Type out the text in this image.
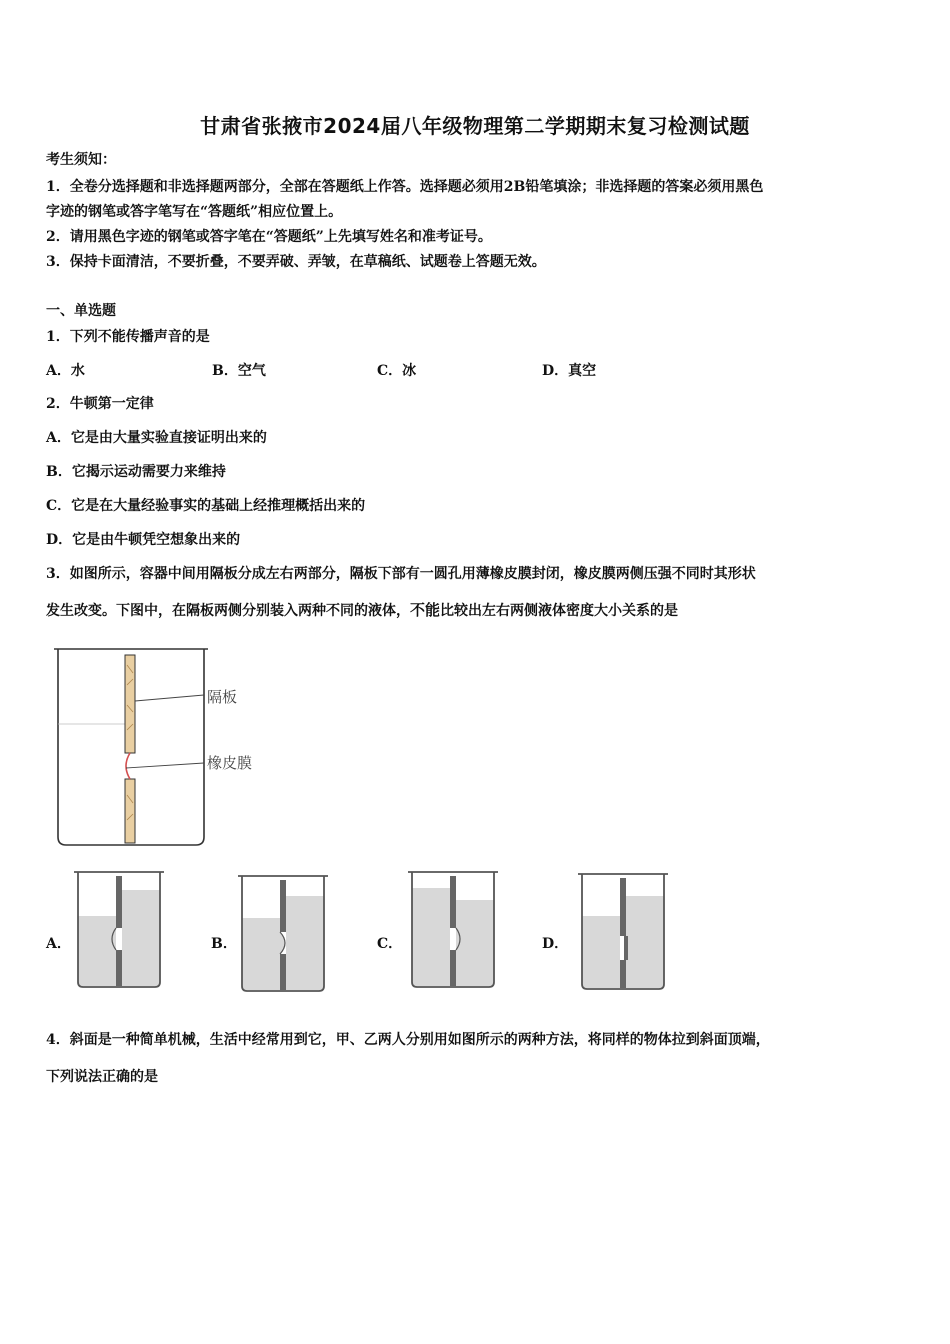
甘肃省张掖市2024届八年级物理第二学期期末复习检测试题
考生须知：
1．全卷分选择题和非选择题两部分，全部在答题纸上作答。选择题必须用2B铅笔填涂；非选择题的答案必须用黑色
字迹的钢笔或答字笔写在“答题纸”相应位置上。
2．请用黑色字迹的钢笔或答字笔在“答题纸”上先填写姓名和准考证号。
3．保持卡面清洁，不要折叠，不要弄破、弄皱，在草稿纸、试题卷上答题无效。
一、单选题
1．下列不能传播声音的是
A．水	B．空气	C．冰	D．真空
2．牛顿第一定律
A．它是由大量实验直接证明出来的
B．它揭示运动需要力来维持
C．它是在大量经验事实的基础上经推理概括出来的
D．它是由牛顿凭空想象出来的
3．如图所示，容器中间用隔板分成左右两部分，隔板下部有一圆孔用薄橡皮膜封闭，橡皮膜两侧压强不同时其形状
发生改变。下图中，在隔板两侧分别装入两种不同的液体，不能比较出左右两侧液体密度大小关系的是
隔板
橡皮膜
A．	B．	C．	D．
4．斜面是一种简单机械，生活中经常用到它，甲、乙两人分别用如图所示的两种方法，将同样的物体拉到斜面顶端，
下列说法正确的是
